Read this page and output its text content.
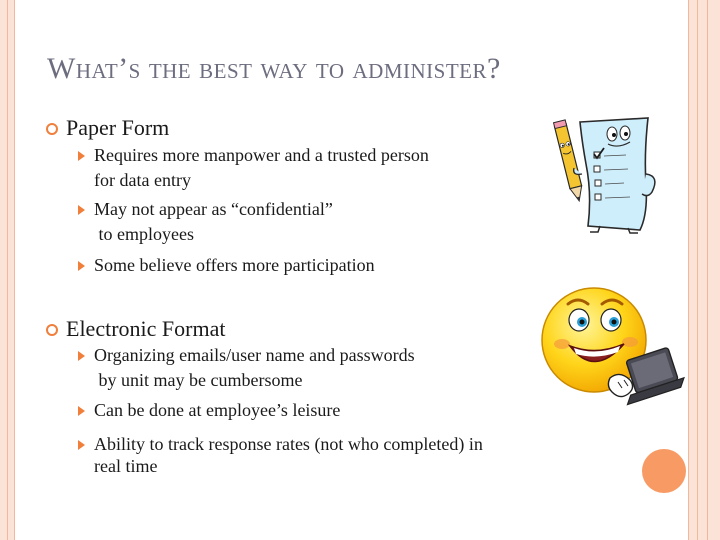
What’s the best way to administer?
Paper Form
Requires more manpower and a trusted person
for data entry
May not appear as “confidential”
to employees
Some believe offers more participation
Electronic Format
Organizing emails/user name and passwords
by unit may be cumbersome
Can be done at employee’s leisure
Ability to track response rates (not who completed) in
real time
